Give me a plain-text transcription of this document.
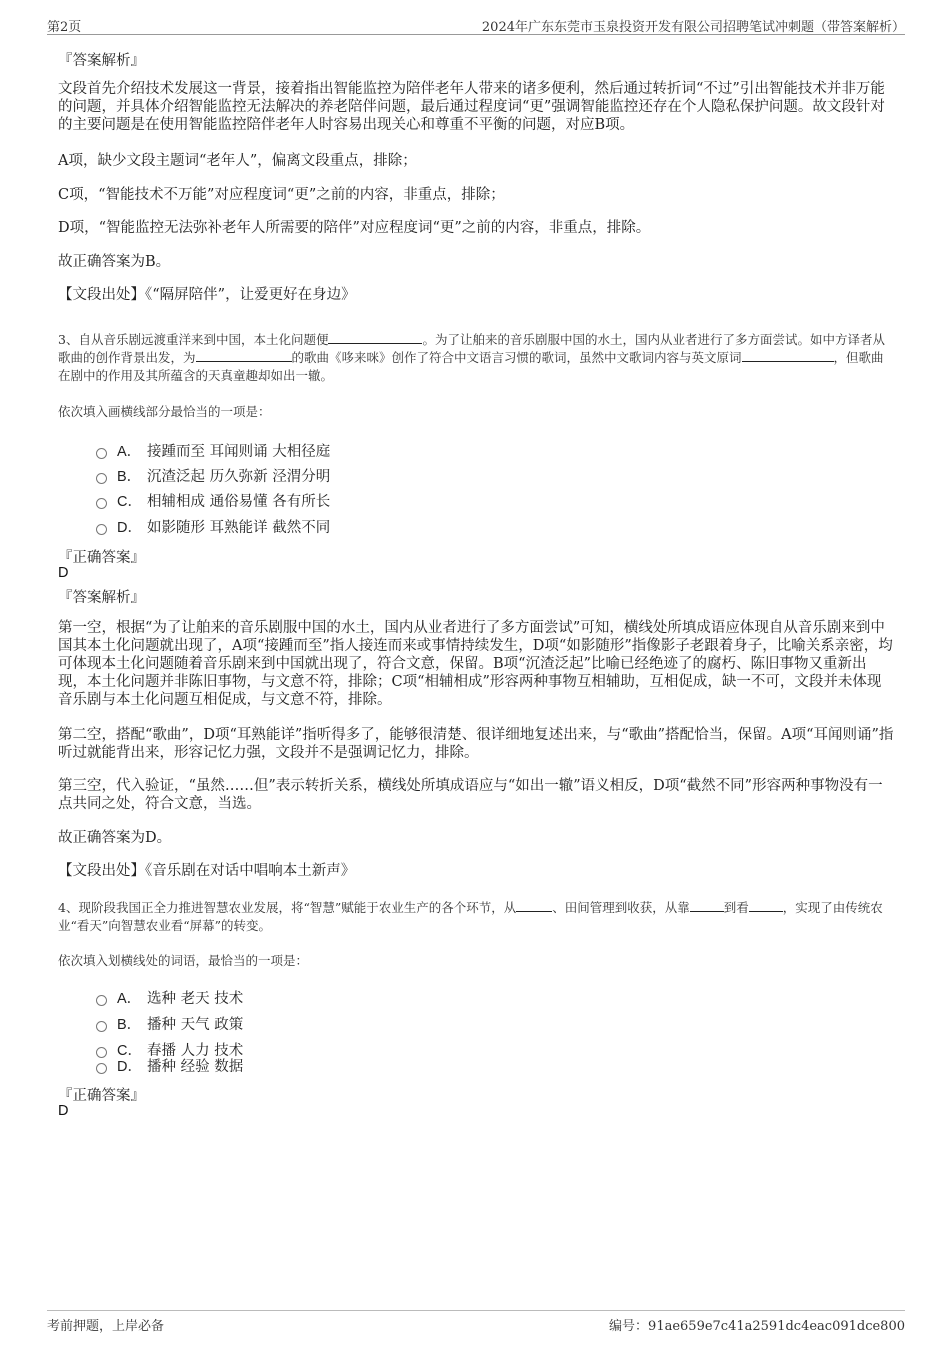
第2页	2024年广东东莞市玉泉投资开发有限公司招聘笔试冲刺题（带答案解析）
『答案解析』

文段首先介绍技术发展这一背景，接着指出智能监控为陪伴老年人带来的诸多便利，然后通过转折词“不过”引出智能技术并非万能的问题，并具体介绍智能监控无法解决的养老陪伴问题，最后通过程度词“更”强调智能监控还存在个人隐私保护问题。故文段针对的主要问题是在使用智能监控陪伴老年人时容易出现关心和尊重不平衡的问题，对应B项。

A项，缺少文段主题词“老年人”，偏离文段重点，排除；

C项，“智能技术不万能”对应程度词“更”之前的内容，非重点，排除；

D项，“智能监控无法弥补老年人所需要的陪伴”对应程度词“更”之前的内容，非重点，排除。

故正确答案为B。

【文段出处】《“隔屏陪伴”，让爱更好在身边》

3、自从音乐剧远渡重洋来到中国，本土化问题便	。为了让舶来的音乐剧服中国的水土，国内从业者进行了多方面尝试。如中方译者从歌曲的创作背景出发，为	的歌曲《哆来咪》创作了符合中文语言习惯的歌词，虽然中文歌词内容与英文原词	，但歌曲在剧中的作用及其所蕴含的天真童趣却如出一辙。

依次填入画横线部分最恰当的一项是：

A． 接踵而至 耳闻则诵 大相径庭
B． 沉渣泛起 历久弥新 泾渭分明
C． 相辅相成 通俗易懂 各有所长
D． 如影随形 耳熟能详 截然不同
『正确答案』
D
『答案解析』

第一空，根据“为了让舶来的音乐剧服中国的水土，国内从业者进行了多方面尝试”可知，横线处所填成语应体现自从音乐剧来到中国其本土化问题就出现了，A项“接踵而至”指人接连而来或事情持续发生，D项“如影随形”指像影子老跟着身子，比喻关系亲密，均可体现本土化问题随着音乐剧来到中国就出现了，符合文意，保留。B项“沉渣泛起”比喻已经绝迹了的腐朽、陈旧事物又重新出现，本土化问题并非陈旧事物，与文意不符，排除；C项“相辅相成”形容两种事物互相辅助，互相促成，缺一不可，文段并未体现音乐剧与本土化问题互相促成，与文意不符，排除。

第二空，搭配“歌曲”，D项“耳熟能详”指听得多了，能够很清楚、很详细地复述出来，与“歌曲”搭配恰当，保留。A项“耳闻则诵”指听过就能背出来，形容记忆力强，文段并不是强调记忆力，排除。

第三空，代入验证，“虽然……但”表示转折关系，横线处所填成语应与“如出一辙”语义相反，D项“截然不同”形容两种事物没有一点共同之处，符合文意，当选。

故正确答案为D。

【文段出处】《音乐剧在对话中唱响本土新声》

4、现阶段我国正全力推进智慧农业发展，将“智慧”赋能于农业生产的各个环节，从	、田间管理到收获，从靠	到看	，实现了由传统农业“看天”向智慧农业看“屏幕”的转变。

依次填入划横线处的词语，最恰当的一项是：

A． 选种 老天 技术
B． 播种 天气 政策
C． 春播 人力 技术
D． 播种 经验 数据
『正确答案』
D
考前押题，上岸必备	编号：91ae659e7c41a2591dc4eac091dce800
